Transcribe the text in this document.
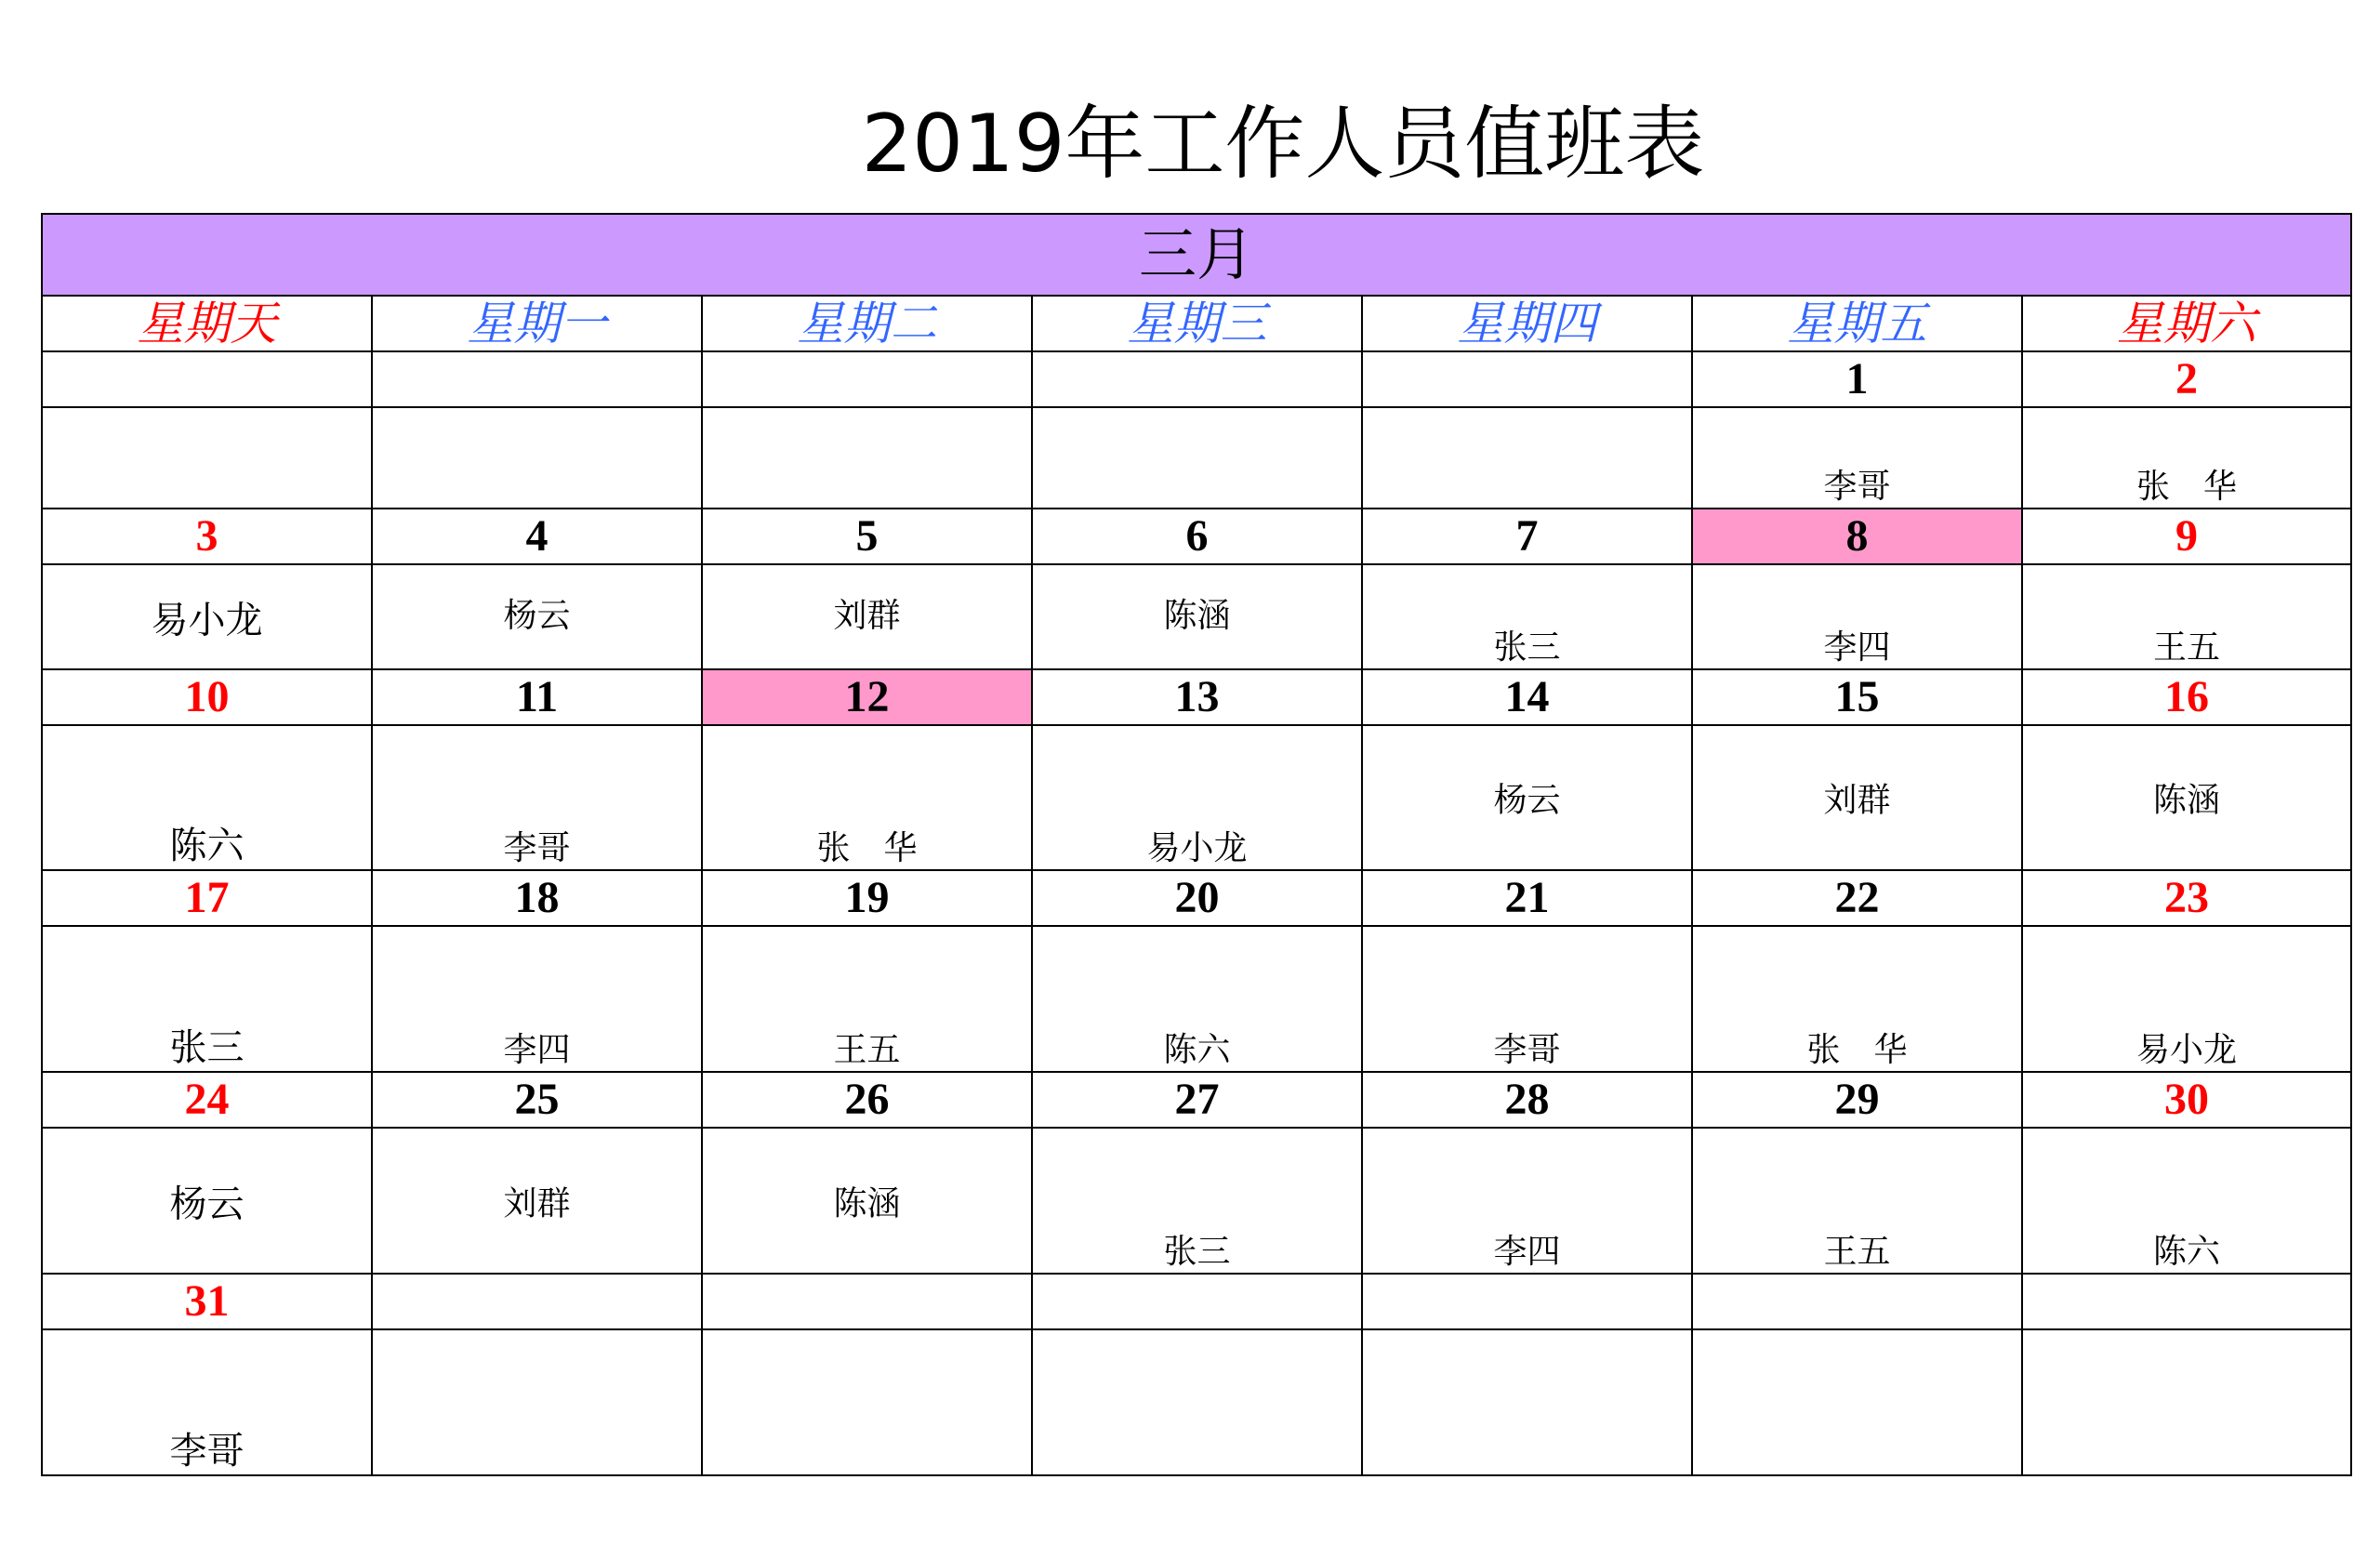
2019年工作人员值班表
三月						
星期天	星期一	星期二	星期三	星期四	星期五	星期六
					1	2

					李哥	张　华

3	4	5	6	7	8	9

易小龙	杨云	刘群	陈涵	张三	李四	王五

10	11	12	13	14	15	16

陈六	李哥	张　华	易小龙	杨云	刘群	陈涵

17	18	19	20	21	22	23

张三	李四	王五	陈六	李哥	张　华	易小龙

24	25	26	27	28	29	30

杨云	刘群	陈涵	张三	李四	王五	陈六

31						

李哥						
